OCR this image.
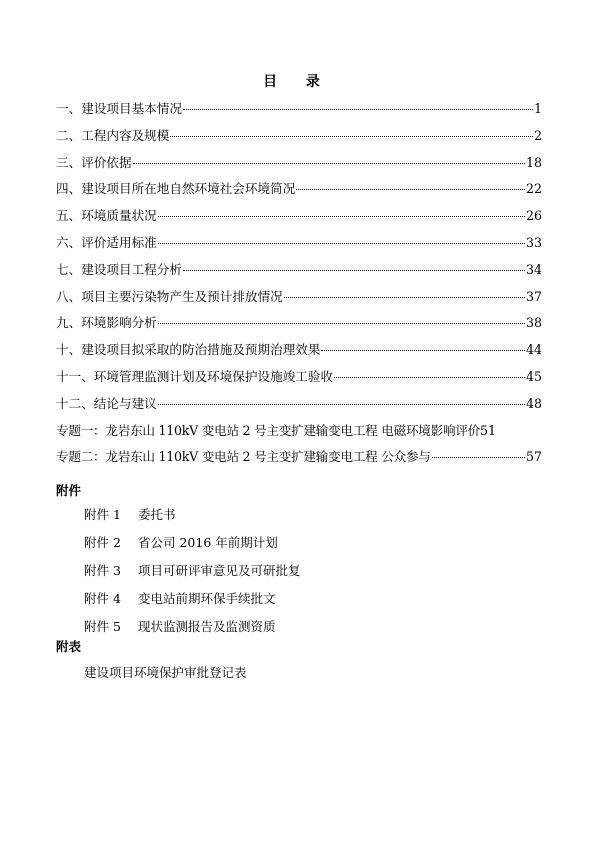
目 录
一、建设项目基本情况	1
二、工程内容及规模	2
三、评价依据	18
四、建设项目所在地自然环境社会环境简况	22
五、环境质量状况	26
六、评价适用标准	33
七、建设项目工程分析	34
八、项目主要污染物产生及预计排放情况	37
九、环境影响分析	38
十、建设项目拟采取的防治措施及预期治理效果	44
十一、环境管理监测计划及环境保护设施竣工验收	45
十二、结论与建议	48
专题一：龙岩东山 110kV 变电站 2 号主变扩建输变电工程 电磁环境影响评价 51
专题二：龙岩东山 110kV 变电站 2 号主变扩建输变电工程 公众参与	57
附件
附件 1 委托书
附件 2 省公司 2016 年前期计划
附件 3 项目可研评审意见及可研批复
附件 4 变电站前期环保手续批文
附件 5 现状监测报告及监测资质
附表
建设项目环境保护审批登记表
